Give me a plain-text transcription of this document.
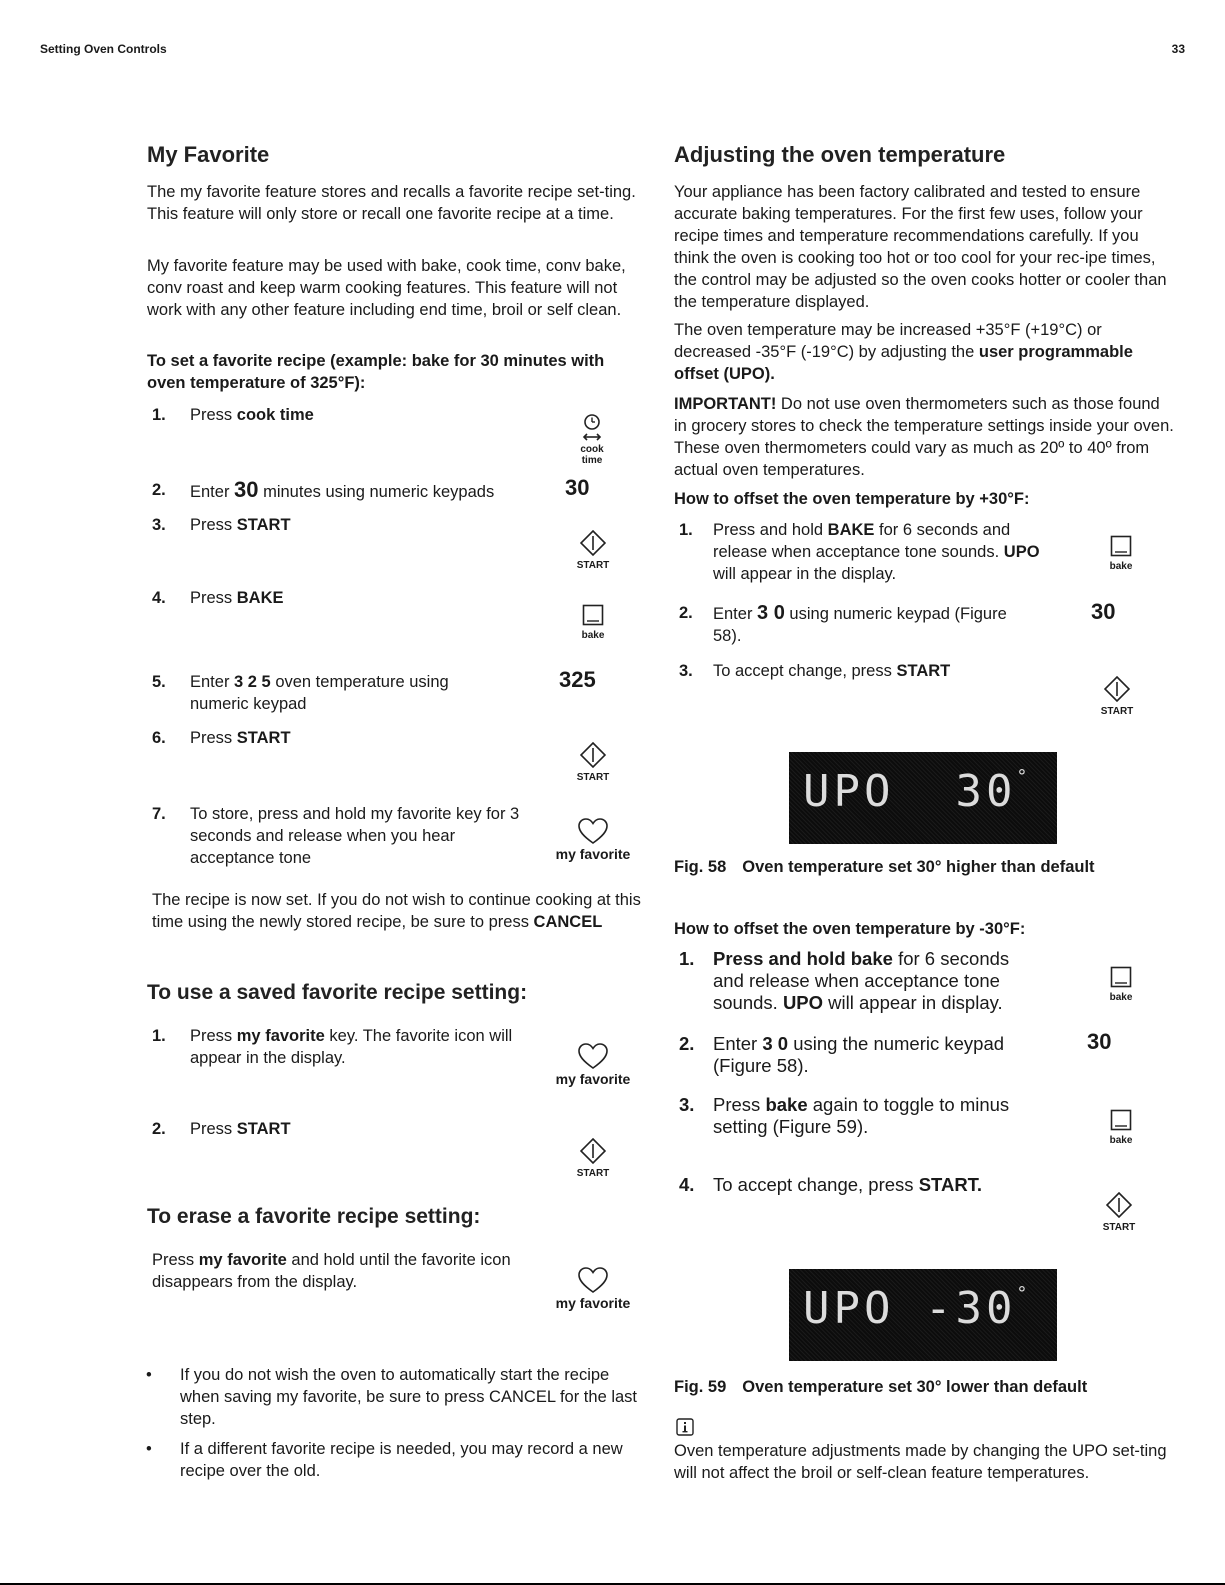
Setting Oven Controls	33
My Favorite

The my favorite feature stores and recalls a favorite recipe set-ting. This feature will only store or recall one favorite recipe at a time.

My favorite feature may be used with bake, cook time, conv bake, conv roast and keep warm cooking features. This feature will not work with any other feature including end time, broil or self clean.

To set a favorite recipe (example: bake for 30 minutes with oven temperature of 325°F):

1. Press cook time
cook time
2. Enter 30 minutes using numeric keypads	30
3. Press START
START
4. Press BAKE
bake
5. Enter 3 2 5 oven temperature using numeric keypad
325
6. Press START
START
7. To store, press and hold my favorite key for 3 seconds and release when you hear acceptance tone	my favorite

The recipe is now set. If you do not wish to continue cooking at this time using the newly stored recipe, be sure to press CANCEL

To use a saved favorite recipe setting:
1. Press my favorite key. The favorite icon will appear in the display.
my favorite
2. Press START
START
To erase a favorite recipe setting:

Press my favorite and hold until the favorite icon disappears from the display.

my favorite
• If you do not wish the oven to automatically start the recipe when saving my favorite, be sure to press CANCEL for the last step.
• If a different favorite recipe is needed, you may record a new recipe over the old.
Adjusting the oven temperature

Your appliance has been factory calibrated and tested to ensure accurate baking temperatures. For the first few uses, follow your recipe times and temperature recommendations carefully. If you think the oven is cooking too hot or too cool for your rec-ipe times, the control may be adjusted so the oven cooks hotter or cooler than the temperature displayed.

The oven temperature may be increased +35°F (+19°C) or decreased -35°F (-19°C) by adjusting the user programmable offset (UPO).

IMPORTANT! Do not use oven thermometers such as those found in grocery stores to check the temperature settings inside your oven. These oven thermometers could vary as much as 20º to 40º from actual oven temperatures.

How to offset the oven temperature by +30°F:

1. Press and hold BAKE for 6 seconds and release when acceptance tone sounds. UPO will appear in the display.	bake
2. Enter 3 0 using numeric keypad (Figure 58).
30
3. To accept change, press START
START
UPO  30°
Fig. 58 Oven temperature set 30° higher than default

How to offset the oven temperature by -30°F:

1. Press and hold bake for 6 seconds and release when acceptance tone sounds. UPO will appear in display.	bake
2. Enter 3 0 using the numeric keypad (Figure 58).
30
3. Press bake again to toggle to minus setting (Figure 59).
bake
4. To accept change, press START.
START
UPO -30°
Fig. 59 Oven temperature set 30° lower than default

Oven temperature adjustments made by changing the UPO set-ting will not affect the broil or self-clean feature temperatures.
